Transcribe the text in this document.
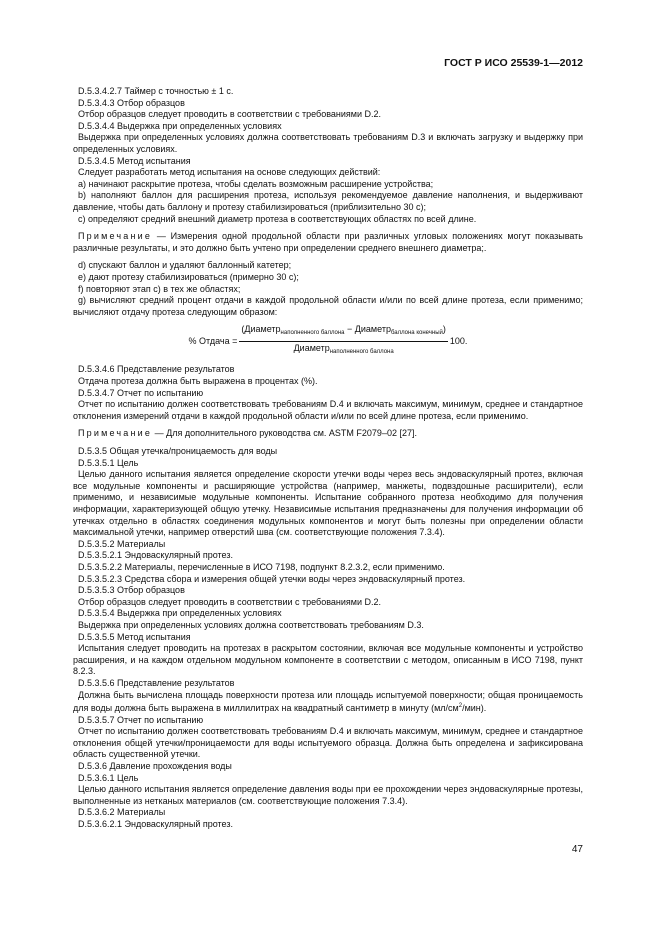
ГОСТ Р ИСО 25539-1—2012

D.5.3.4.2.7 Таймер с точностью ± 1 с.

D.5.3.4.3 Отбор образцов

Отбор образцов следует проводить в соответствии с требованиями D.2.

D.5.3.4.4 Выдержка при определенных условиях

Выдержка при определенных условиях должна соответствовать требованиям D.3 и включать загрузку и выдержку при определенных условиях.

D.5.3.4.5 Метод испытания

Следует разработать метод испытания на основе следующих действий:

а) начинают раскрытие протеза, чтобы сделать возможным расширение устройства;

b) наполняют баллон для расширения протеза, используя рекомендуемое давление наполнения, и выдерживают давление, чтобы дать баллону и протезу стабилизироваться (приблизительно 30 с);

c) определяют средний внешний диаметр протеза в соответствующих областях по всей длине.

Примечание — Измерения одной продольной области при различных угловых положениях могут показывать различные результаты, и это должно быть учтено при определении среднего внешнего диаметра;.

d) спускают баллон и удаляют баллонный катетер;

e) дают протезу стабилизироваться (примерно 30 с);

f) повторяют этап с) в тех же областях;

g) вычисляют средний процент отдачи в каждой продольной области и/или по всей длине протеза, если применимо; вычисляют отдачу протеза следующим образом:

% Отдача = $\frac{(Диаметр_{наполненного баллона} - Диаметр_{баллона конечный})}{Диаметр_{наполненного баллона}} 100$.

D.5.3.4.6 Представление результатов

Отдача протеза должна быть выражена в процентах (%).

D.5.3.4.7 Отчет по испытанию

Отчет по испытанию должен соответствовать требованиям D.4 и включать максимум, минимум, среднее и стандартное отклонения измерений отдачи в каждой продольной области и/или по всей длине протеза, если применимо.

Примечание — Для дополнительного руководства см. ASTM F2079–02 [27].

D.5.3.5 Общая утечка/проницаемость для воды

D.5.3.5.1 Цель

Целью данного испытания является определение скорости утечки воды через весь эндоваскулярный протез, включая все модульные компоненты и расширяющие устройства (например, манжеты, подвздошные расширители), если применимо, и независимые модульные компоненты. Испытание собранного протеза необходимо для получения информации, характеризующей общую утечку. Независимые испытания предназначены для получения информации об утечках отдельно в областях соединения модульных компонентов и могут быть полезны при определении области максимальной утечки, например отверстий шва (см. соответствующие положения 7.3.4).

D.5.3.5.2 Материалы

D.5.3.5.2.1 Эндоваскулярный протез.

D.5.3.5.2.2 Материалы, перечисленные в ИСО 7198, подпункт 8.2.3.2, если применимо.

D.5.3.5.2.3 Средства сбора и измерения общей утечки воды через эндоваскулярный протез.

D.5.3.5.3 Отбор образцов

Отбор образцов следует проводить в соответствии с требованиями D.2.

D.5.3.5.4 Выдержка при определенных условиях

Выдержка при определенных условиях должна соответствовать требованиям D.3.

D.5.3.5.5 Метод испытания

Испытания следует проводить на протезах в раскрытом состоянии, включая все модульные компоненты и устройство расширения, и на каждом отдельном модульном компоненте в соответствии с методом, описанным в ИСО 7198, пункт 8.2.3.

D.5.3.5.6 Представление результатов

Должна быть вычислена площадь поверхности протеза или площадь испытуемой поверхности; общая проницаемость для воды должна быть выражена в миллилитрах на квадратный сантиметр в минуту $(мл/см^2/мин)$.

D.5.3.5.7 Отчет по испытанию

Отчет по испытанию должен соответствовать требованиям D.4 и включать максимум, минимум, среднее и стандартное отклонения общей утечки/проницаемости для воды испытуемого образца. Должна быть определена и зафиксирована область существенной утечки.

D.5.3.6 Давление прохождения воды

D.5.3.6.1 Цель

Целью данного испытания является определение давления воды при ее прохождении через эндоваскулярные протезы, выполненные из нетканых материалов (см. соответствующие положения 7.3.4).

D.5.3.6.2 Материалы

D.5.3.6.2.1 Эндоваскулярный протез.

47
